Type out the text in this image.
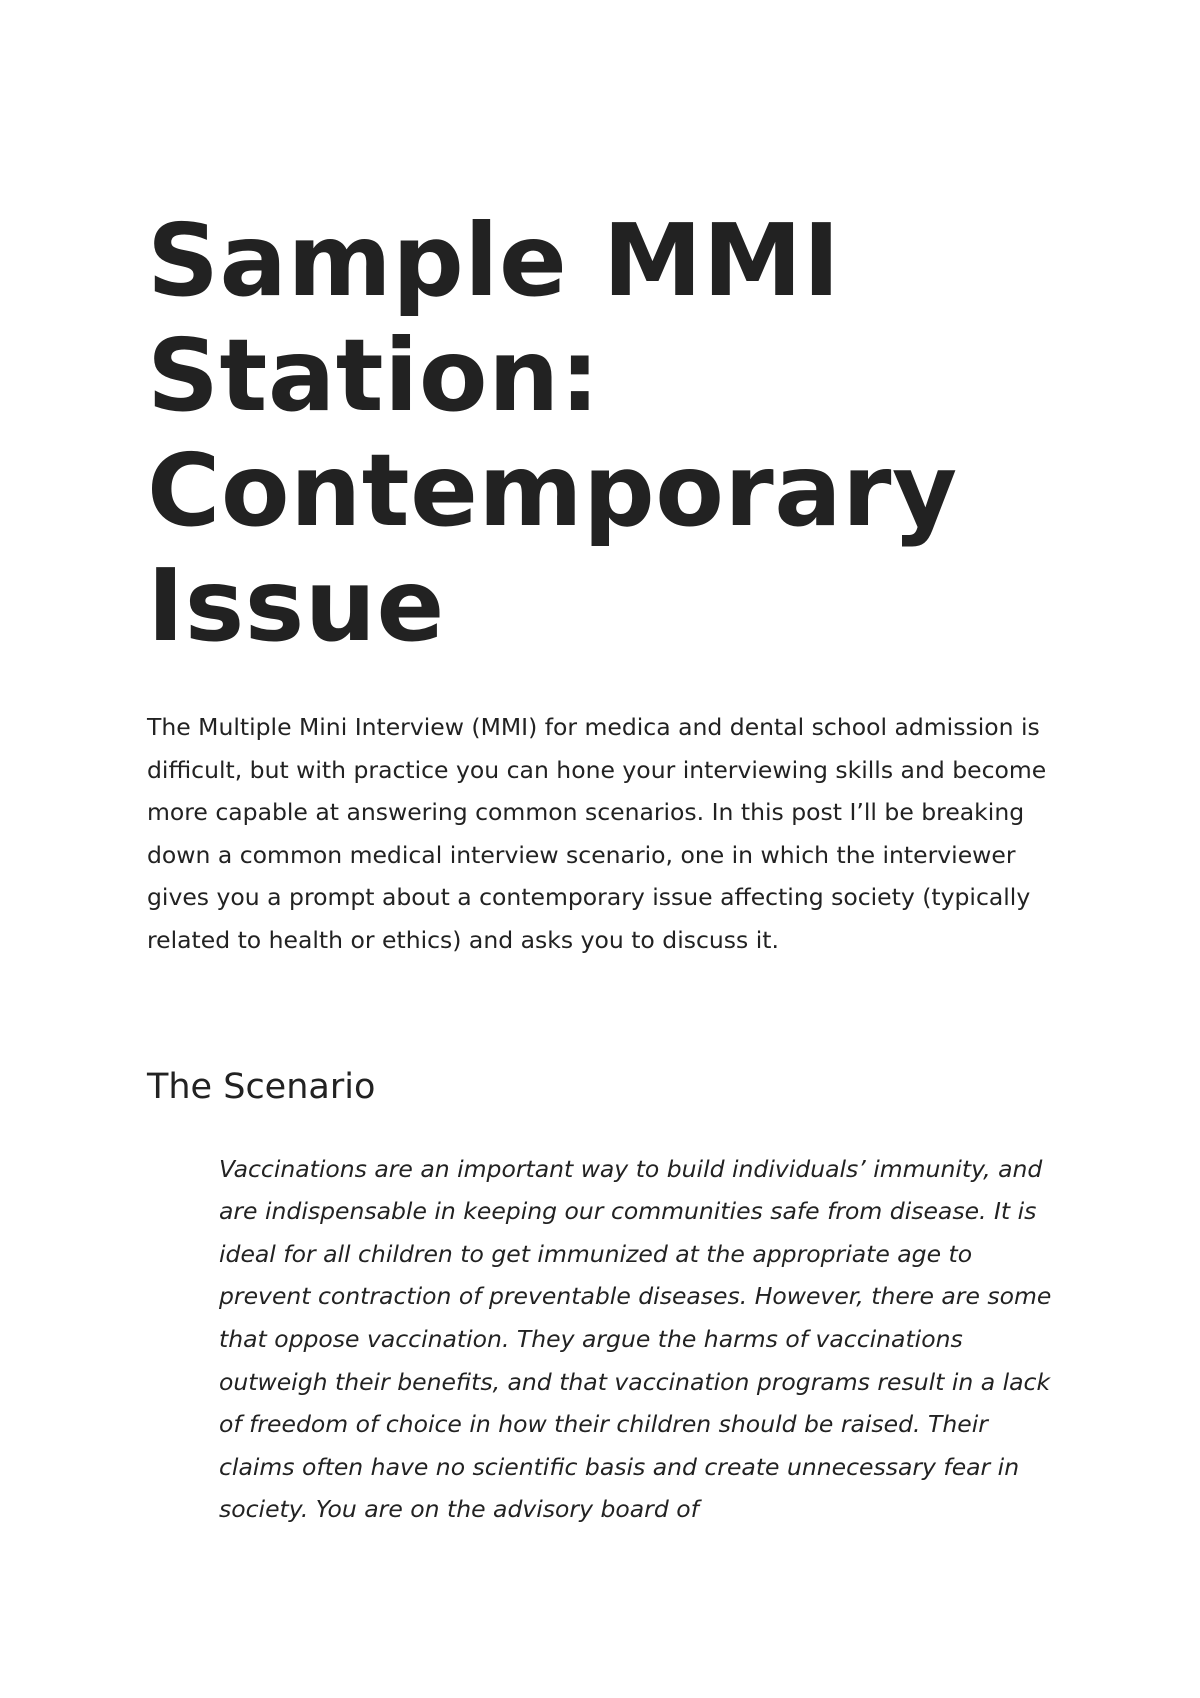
Sample MMI Station: Contemporary Issue

The Multiple Mini Interview (MMI) for medica and dental school admission is difficult, but with practice you can hone your interviewing skills and become more capable at answering common scenarios. In this post I’ll be breaking down a common medical interview scenario, one in which the interviewer gives you a prompt about a contemporary issue affecting society (typically related to health or ethics) and asks you to discuss it.

The Scenario
Vaccinations are an important way to build individuals’ immunity, and are indispensable in keeping our communities safe from disease. It is ideal for all children to get immunized at the appropriate age to prevent contraction of preventable diseases. However, there are some that oppose vaccination. They argue the harms of vaccinations outweigh their benefits, and that vaccination programs result in a lack of freedom of choice in how their children should be raised. Their claims often have no scientific basis and create unnecessary fear in society. You are on the advisory board of
